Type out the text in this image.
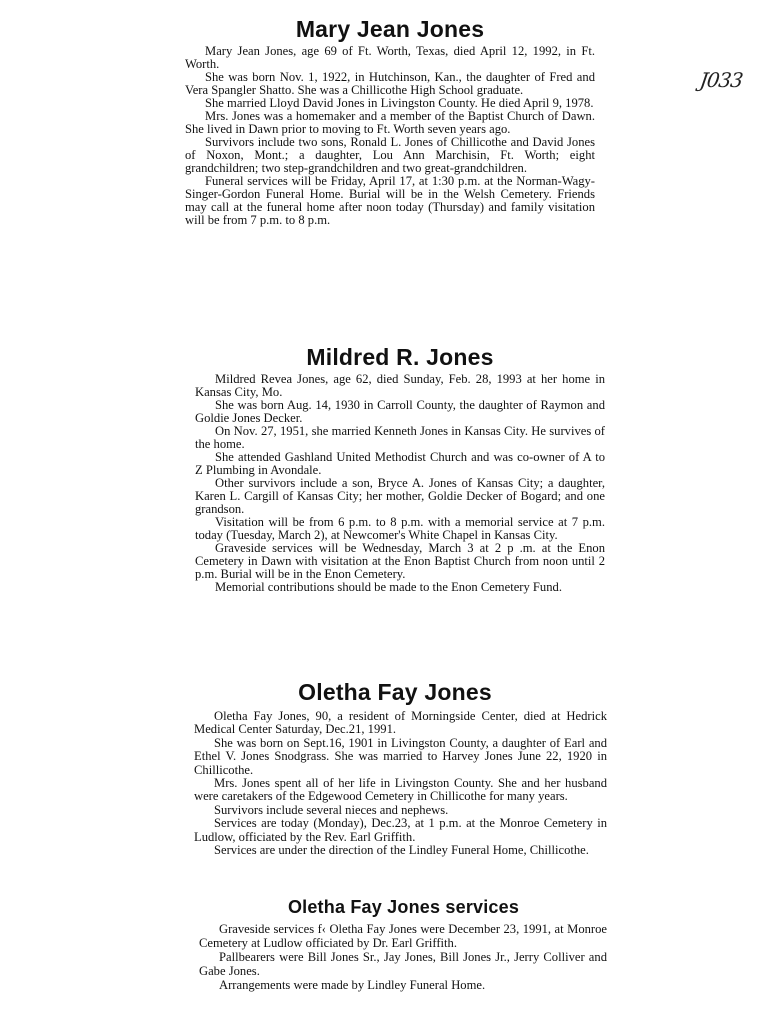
J033
Mary Jean Jones

Mary Jean Jones, age 69 of Ft. Worth, Texas, died April 12, 1992, in Ft. Worth.

She was born Nov. 1, 1922, in Hutchinson, Kan., the daughter of Fred and Vera Spangler Shatto. She was a Chillicothe High School graduate.

She married Lloyd David Jones in Livingston County. He died April 9, 1978.

Mrs. Jones was a homemaker and a member of the Baptist Church of Dawn. She lived in Dawn prior to moving to Ft. Worth seven years ago.

Survivors include two sons, Ronald L. Jones of Chillicothe and David Jones of Noxon, Mont.; a daughter, Lou Ann Marchisin, Ft. Worth; eight grandchildren; two step-grandchildren and two great-grandchildren.

Funeral services will be Friday, April 17, at 1:30 p.m. at the Norman-Wagy-Singer-Gordon Funeral Home. Burial will be in the Welsh Cemetery. Friends may call at the funeral home after noon today (Thursday) and family visitation will be from 7 p.m. to 8 p.m.

Mildred R. Jones

Mildred Revea Jones, age 62, died Sunday, Feb. 28, 1993 at her home in Kansas City, Mo.

She was born Aug. 14, 1930 in Carroll County, the daughter of Raymon and Goldie Jones Decker.

On Nov. 27, 1951, she married Kenneth Jones in Kansas City. He survives of the home.

She attended Gashland United Methodist Church and was co-owner of A to Z Plumbing in Avondale.

Other survivors include a son, Bryce A. Jones of Kansas City; a daughter, Karen L. Cargill of Kansas City; her mother, Goldie Decker of Bogard; and one grandson.

Visitation will be from 6 p.m. to 8 p.m. with a memorial service at 7 p.m. today (Tuesday, March 2), at Newcomer's White Chapel in Kansas City.

Graveside services will be Wednesday, March 3 at 2 p .m. at the Enon Cemetery in Dawn with visitation at the Enon Baptist Church from noon until 2 p.m. Burial will be in the Enon Cemetery.

Memorial contributions should be made to the Enon Cemetery Fund.

Oletha Fay Jones

Oletha Fay Jones, 90, a resident of Morningside Center, died at Hedrick Medical Center Saturday, Dec.21, 1991.

She was born on Sept.16, 1901 in Livingston County, a daughter of Earl and Ethel V. Jones Snodgrass. She was married to Harvey Jones June 22, 1920 in Chillicothe.

Mrs. Jones spent all of her life in Livingston County. She and her husband were caretakers of the Edgewood Cemetery in Chillicothe for many years.

Survivors include several nieces and nephews.

Services are today (Monday), Dec.23, at 1 p.m. at the Monroe Cemetery in Ludlow, officiated by the Rev. Earl Griffith.

Services are under the direction of the Lindley Funeral Home, Chillicothe.

Oletha Fay Jones services

Graveside services f‹ Oletha Fay Jones were December 23, 1991, at Monroe Cemetery at Ludlow officiated by Dr. Earl Griffith.

Pallbearers were Bill Jones Sr., Jay Jones, Bill Jones Jr., Jerry Colliver and Gabe Jones.

Arrangements were made by Lindley Funeral Home.
